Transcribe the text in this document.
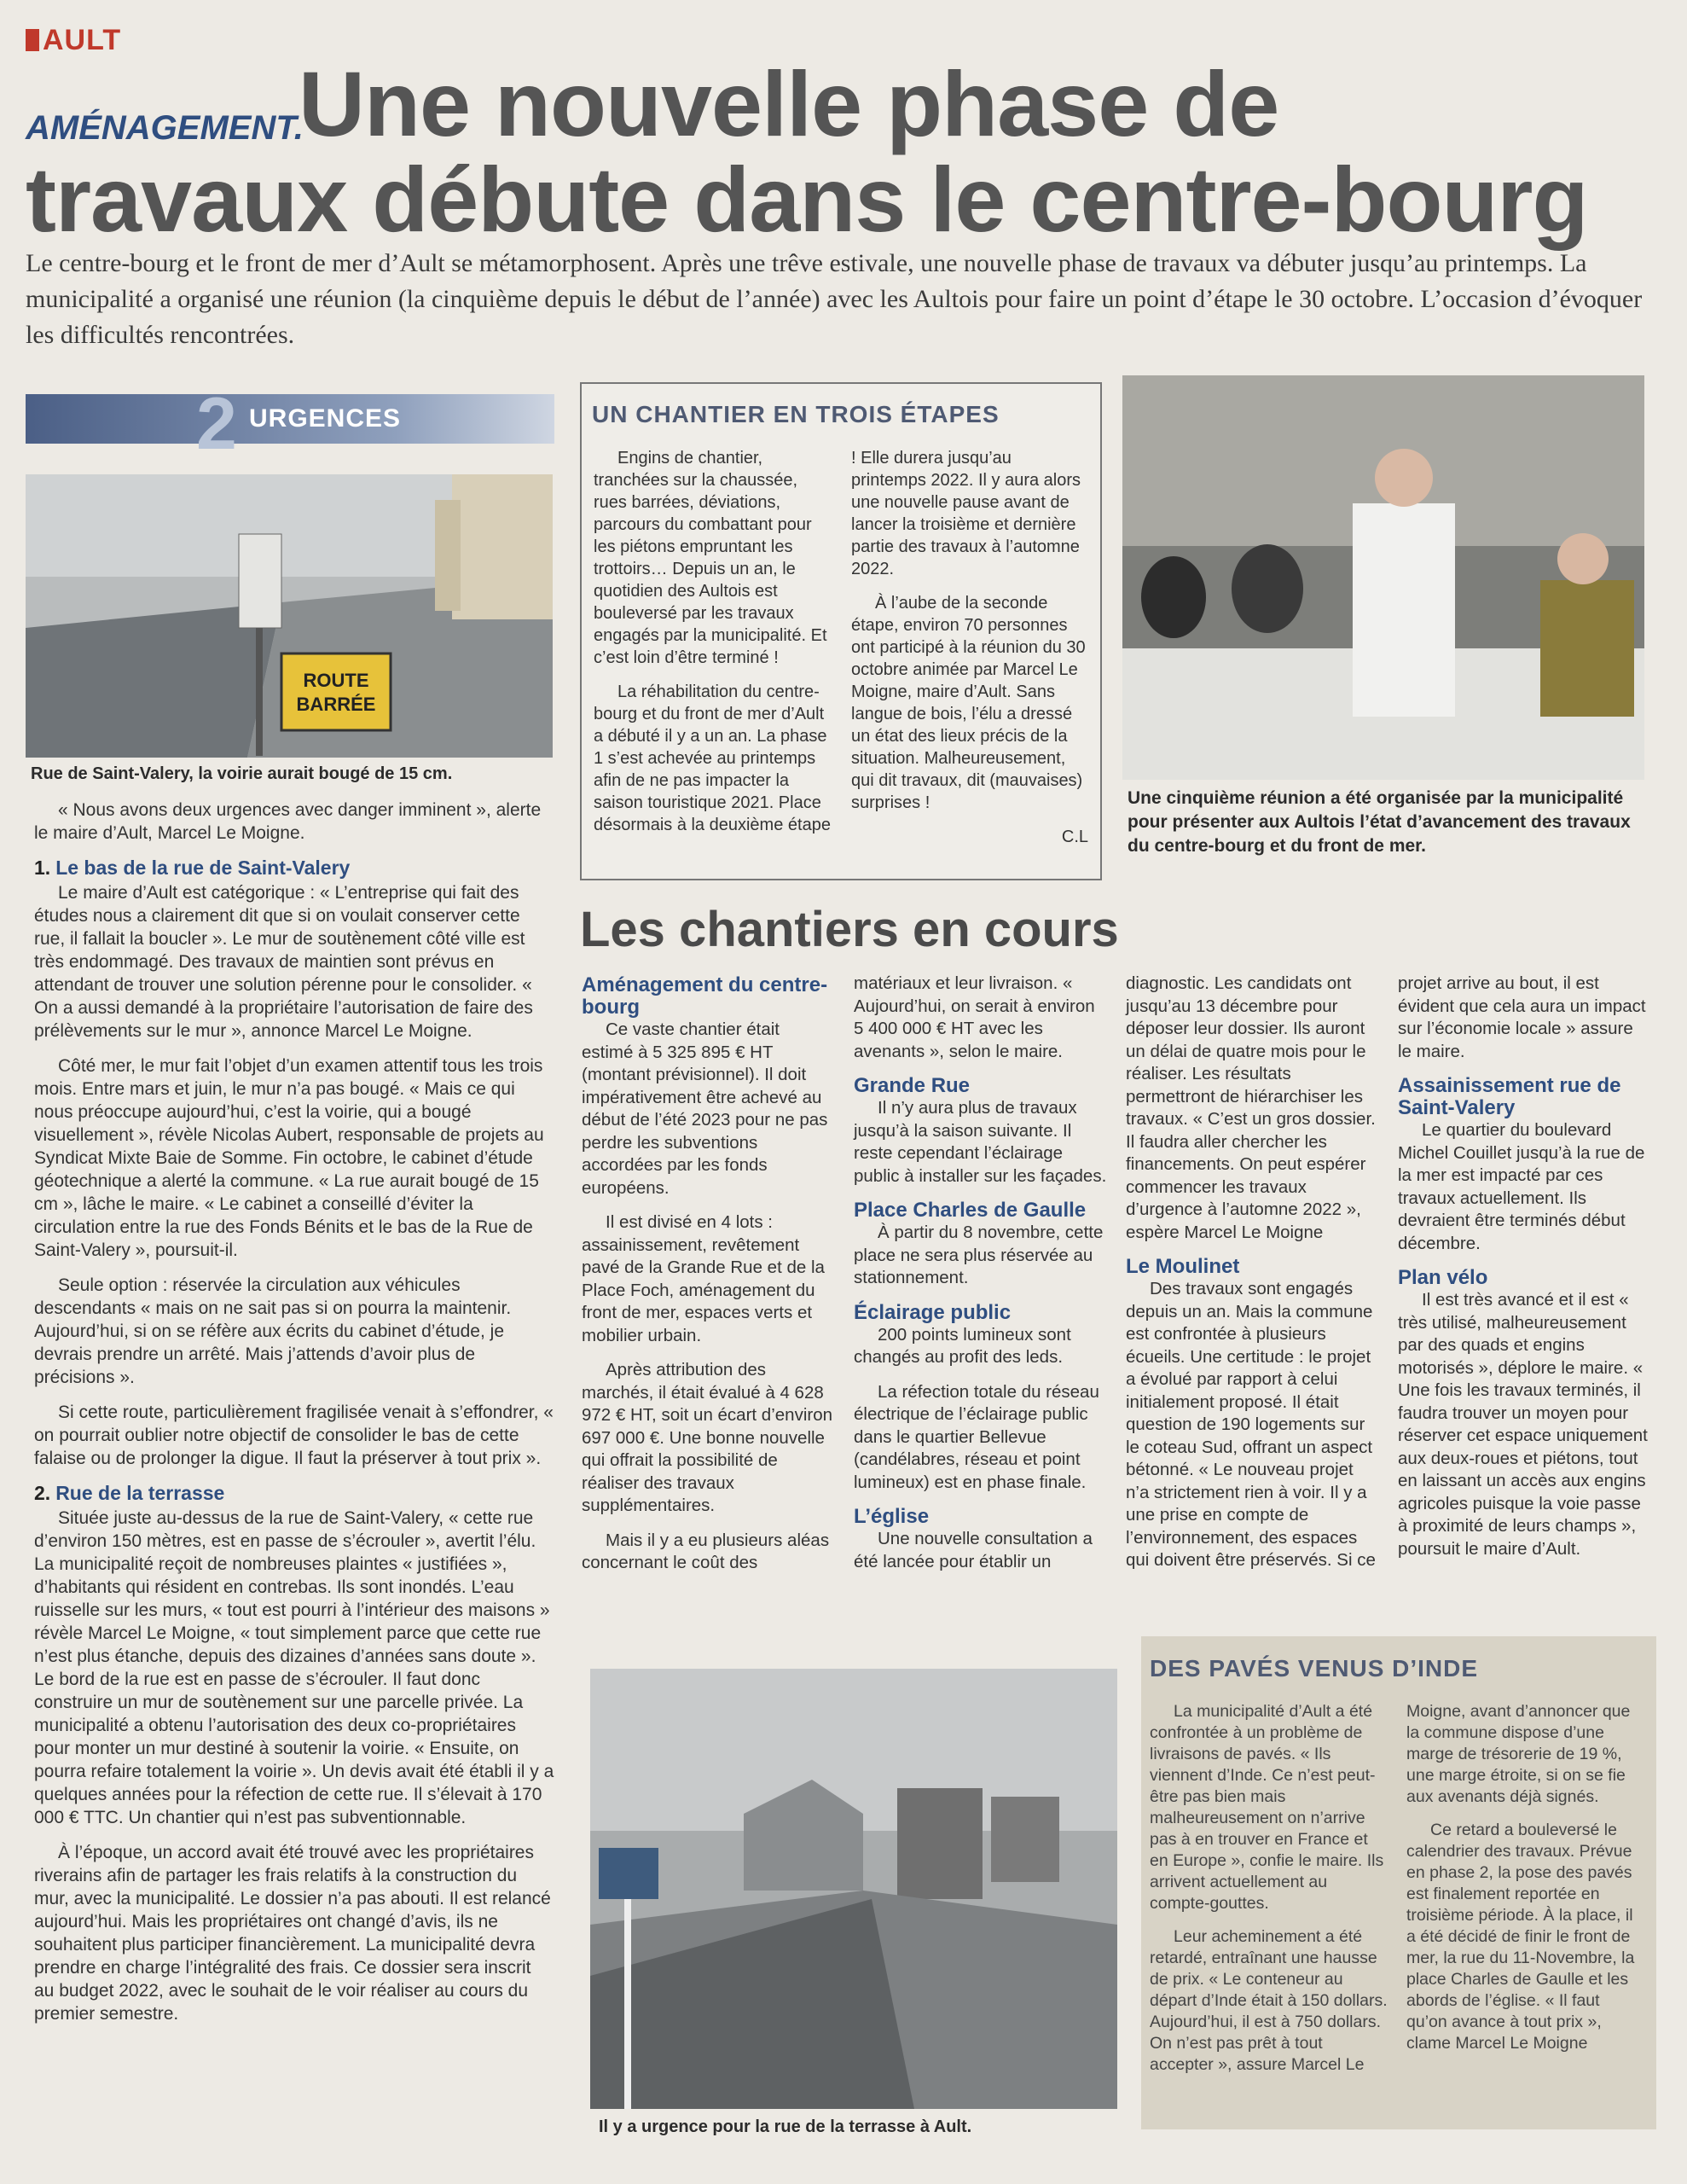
AULT
Une nouvelle phase de
travaux débute dans le centre-bourg
AMÉNAGEMENT.
Le centre-bourg et le front de mer d’Ault se métamorphosent. Après une trêve estivale, une nouvelle phase de travaux va débuter jusqu’au printemps. La municipalité a organisé une réunion (la cinquième depuis le début de l’année) avec les Aultois pour faire un point d’étape le 30 octobre. L’occasion d’évoquer les difficultés rencontrées.
2 URGENCES
ROUTE BARRÉE
Rue de Saint-Valery, la voirie aurait bougé de 15 cm.

« Nous avons deux urgences avec danger imminent », alerte le maire d’Ault, Marcel Le Moigne.

1. Le bas de la rue de Saint-Valery

Le maire d’Ault est catégorique : « L’entreprise qui fait des études nous a clairement dit que si on voulait conserver cette rue, il fallait la boucler ». Le mur de soutènement côté ville est très endommagé. Des travaux de maintien sont prévus en attendant de trouver une solution pérenne pour le consolider. « On a aussi demandé à la propriétaire l’autorisation de faire des prélèvements sur le mur », annonce Marcel Le Moigne.

Côté mer, le mur fait l’objet d’un examen attentif tous les trois mois. Entre mars et juin, le mur n’a pas bougé. « Mais ce qui nous préoccupe aujourd’hui, c’est la voirie, qui a bougé visuellement », révèle Nicolas Aubert, responsable de projets au Syndicat Mixte Baie de Somme. Fin octobre, le cabinet d’étude géotechnique a alerté la commune. « La rue aurait bougé de 15 cm », lâche le maire. « Le cabinet a conseillé d’éviter la circulation entre la rue des Fonds Bénits et le bas de la Rue de Saint-Valery », poursuit-il.

Seule option : réservée la circulation aux véhicules descendants « mais on ne sait pas si on pourra la maintenir. Aujourd’hui, si on se réfère aux écrits du cabinet d’étude, je devrais prendre un arrêté. Mais j’attends d’avoir plus de précisions ».

Si cette route, particulièrement fragilisée venait à s’effondrer, « on pourrait oublier notre objectif de consolider le bas de cette falaise ou de prolonger la digue. Il faut la préserver à tout prix ».

2. Rue de la terrasse

Située juste au-dessus de la rue de Saint-Valery, « cette rue d’environ 150 mètres, est en passe de s’écrouler », avertit l’élu. La municipalité reçoit de nombreuses plaintes « justifiées », d’habitants qui résident en contrebas. Ils sont inondés. L’eau ruisselle sur les murs, « tout est pourri à l’intérieur des maisons » révèle Marcel Le Moigne, « tout simplement parce que cette rue n’est plus étanche, depuis des dizaines d’années sans doute ». Le bord de la rue est en passe de s’écrouler. Il faut donc construire un mur de soutènement sur une parcelle privée. La municipalité a obtenu l’autorisation des deux co-propriétaires pour monter un mur destiné à soutenir la voirie. « Ensuite, on pourra refaire totalement la voirie ». Un devis avait été établi il y a quelques années pour la réfection de cette rue. Il s’élevait à 170 000 € TTC. Un chantier qui n’est pas subventionnable.

À l’époque, un accord avait été trouvé avec les propriétaires riverains afin de partager les frais relatifs à la construction du mur, avec la municipalité. Le dossier n’a pas abouti. Il est relancé aujourd’hui. Mais les propriétaires ont changé d’avis, ils ne souhaitent plus participer financièrement. La municipalité devra prendre en charge l’intégralité des frais. Ce dossier sera inscrit au budget 2022, avec le souhait de le voir réaliser au cours du premier semestre.

UN CHANTIER EN TROIS ÉTAPES

Engins de chantier, tranchées sur la chaussée, rues barrées, déviations, parcours du combattant pour les piétons empruntant les trottoirs… Depuis un an, le quotidien des Aultois est bouleversé par les travaux engagés par la municipalité. Et c’est loin d’être terminé !

La réhabilitation du centre-bourg et du front de mer d’Ault a débuté il y a un an. La phase 1 s’est achevée au printemps afin de ne pas impacter la saison touristique 2021. Place désormais à la deuxième étape ! Elle durera jusqu’au printemps 2022. Il y aura alors une nouvelle pause avant de lancer la troisième et dernière partie des travaux à l’automne 2022.

À l’aube de la seconde étape, environ 70 personnes ont participé à la réunion du 30 octobre animée par Marcel Le Moigne, maire d’Ault. Sans langue de bois, l’élu a dressé un état des lieux précis de la situation. Malheureusement, qui dit travaux, dit (mauvaises) surprises !

C.L
Une cinquième réunion a été organisée par la municipalité pour présenter aux Aultois l’état d’avancement des travaux du centre-bourg et du front de mer.
Les chantiers en cours
Aménagement du centre-bourg

Ce vaste chantier était estimé à 5 325 895 € HT (montant prévisionnel). Il doit impérativement être achevé au début de l’été 2023 pour ne pas perdre les subventions accordées par les fonds européens.

Il est divisé en 4 lots : assainissement, revêtement pavé de la Grande Rue et de la Place Foch, aménagement du front de mer, espaces verts et mobilier urbain.

Après attribution des marchés, il était évalué à 4 628 972 € HT, soit un écart d’environ 697 000 €. Une bonne nouvelle qui offrait la possibilité de réaliser des travaux supplémentaires.

Mais il y a eu plusieurs aléas concernant le coût des matériaux et leur livraison. « Aujourd’hui, on serait à environ 5 400 000 € HT avec les avenants », selon le maire.

Grande Rue

Il n’y aura plus de travaux jusqu’à la saison suivante. Il reste cependant l’éclairage public à installer sur les façades.

Place Charles de Gaulle

À partir du 8 novembre, cette place ne sera plus réservée au stationnement.

Éclairage public

200 points lumineux sont changés au profit des leds.

La réfection totale du réseau électrique de l’éclairage public dans le quartier Bellevue (candélabres, réseau et point lumineux) est en phase finale.

L’église

Une nouvelle consultation a été lancée pour établir un diagnostic. Les candidats ont jusqu’au 13 décembre pour déposer leur dossier. Ils auront un délai de quatre mois pour le réaliser. Les résultats permettront de hiérarchiser les travaux. « C’est un gros dossier. Il faudra aller chercher les financements. On peut espérer commencer les travaux d’urgence à l’automne 2022 », espère Marcel Le Moigne

Le Moulinet

Des travaux sont engagés depuis un an. Mais la commune est confrontée à plusieurs écueils. Une certitude : le projet a évolué par rapport à celui initialement proposé. Il était question de 190 logements sur le coteau Sud, offrant un aspect bétonné. « Le nouveau projet n’a strictement rien à voir. Il y a une prise en compte de l’environnement, des espaces qui doivent être préservés. Si ce projet arrive au bout, il est évident que cela aura un impact sur l’économie locale » assure le maire.

Assainissement rue de Saint-Valery

Le quartier du boulevard Michel Couillet jusqu’à la rue de la mer est impacté par ces travaux actuellement. Ils devraient être terminés début décembre.

Plan vélo

Il est très avancé et il est « très utilisé, malheureusement par des quads et engins motorisés », déplore le maire. « Une fois les travaux terminés, il faudra trouver un moyen pour réserver cet espace uniquement aux deux-roues et piétons, tout en laissant un accès aux engins agricoles puisque la voie passe à proximité de leurs champs », poursuit le maire d’Ault.

Il y a urgence pour la rue de la terrasse à Ault.
DES PAVÉS VENUS D’INDE

La municipalité d’Ault a été confrontée à un problème de livraisons de pavés. « Ils viennent d’Inde. Ce n’est peut-être pas bien mais malheureusement on n’arrive pas à en trouver en France et en Europe », confie le maire. Ils arrivent actuellement au compte-gouttes.

Leur acheminement a été retardé, entraînant une hausse de prix. « Le conteneur au départ d’Inde était à 150 dollars. Aujourd’hui, il est à 750 dollars. On n’est pas prêt à tout accepter », assure Marcel Le Moigne, avant d’annoncer que la commune dispose d’une marge de trésorerie de 19 %, une marge étroite, si on se fie aux avenants déjà signés.

Ce retard a bouleversé le calendrier des travaux. Prévue en phase 2, la pose des pavés est finalement reportée en troisième période. À la place, il a été décidé de finir le front de mer, la rue du 11-Novembre, la place Charles de Gaulle et les abords de l’église. « Il faut qu’on avance à tout prix », clame Marcel Le Moigne
